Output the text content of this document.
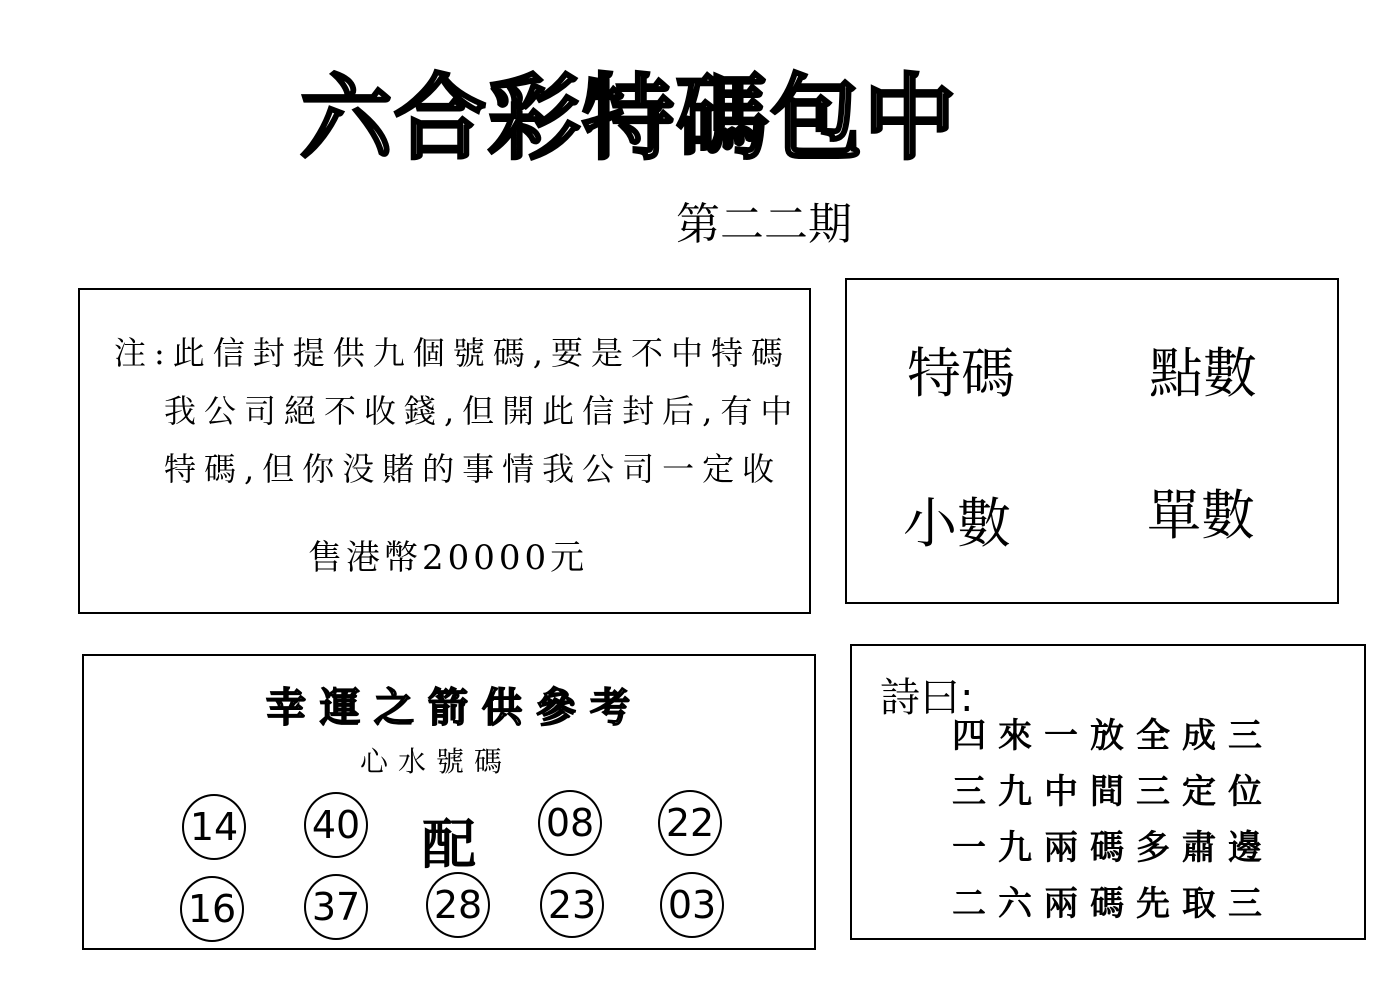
六合彩特碼包中
第二二期
注:此信封提供九個號碼,要是不中特碼
我公司絕不收錢,但開此信封后,有中
特碼,但你没賭的事情我公司一定收
售港幣20000元
特碼 點數
小數	單數
幸運之箭供參考
心水號碼
14 40 配 08 22
16 37 28 23 03
詩曰:
四來一放全成三
三九中間三定位
一九兩碼多肅邊
二六兩碼先取三
